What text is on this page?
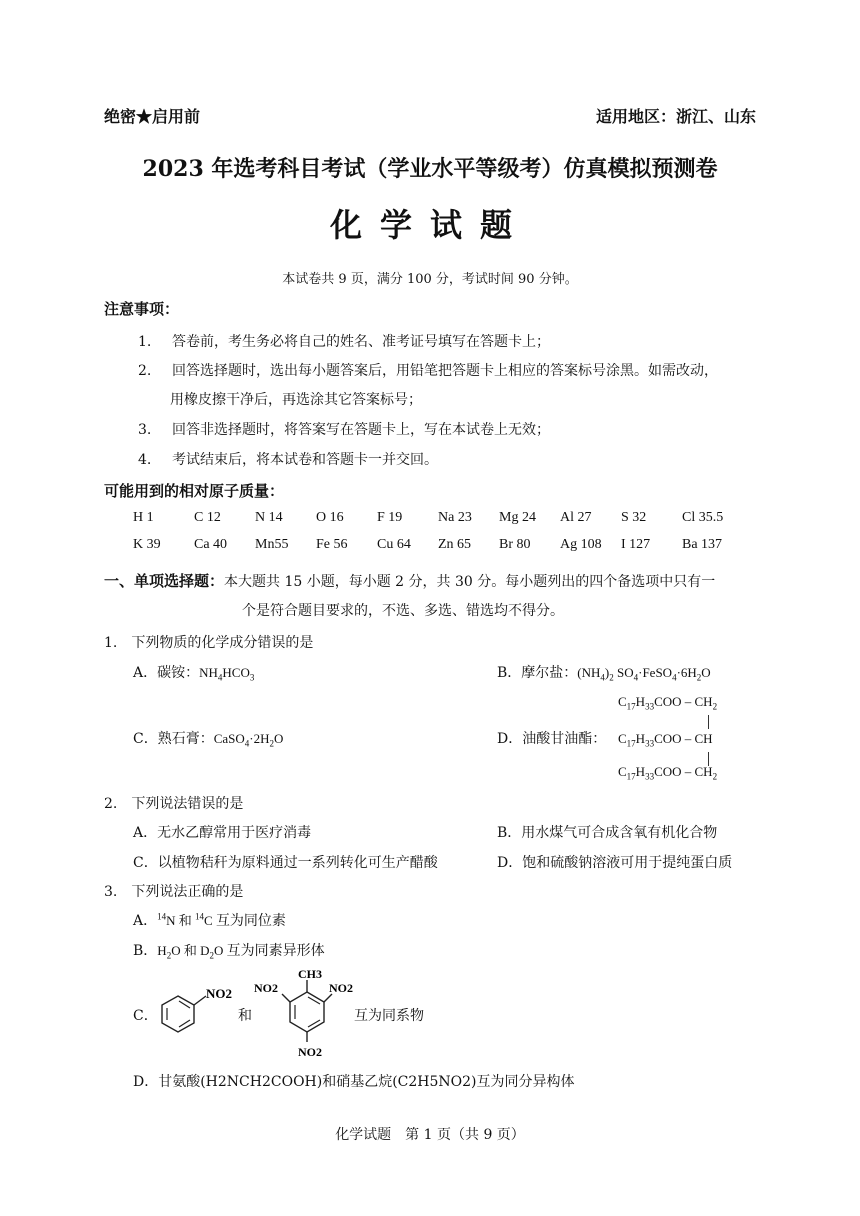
绝密★启用前	适用地区：浙江、山东
2023 年选考科目考试（学业水平等级考）仿真模拟预测卷
化学试题
本试卷共 9 页，满分 100 分，考试时间 90 分钟。
注意事项：
1.　 答卷前，考生务必将自己的姓名、准考证号填写在答题卡上；
2.　 回答选择题时，选出每小题答案后，用铅笔把答题卡上相应的答案标号涂黑。如需改动，
用橡皮擦干净后，再选涂其它答案标号；
3.　 回答非选择题时，将答案写在答题卡上，写在本试卷上无效；
4.　 考试结束后，将本试卷和答题卡一并交回。
可能用到的相对原子质量：
H 1	C 12	N 14	O 16	F 19	Na 23	Mg 24	Al 27	S 32	Cl 35.5
K 39	Ca 40	Mn55	Fe 56	Cu 64	Zn 65	Br 80	Ag 108	I 127	Ba 137
一、单项选择题：本大题共 15 小题，每小题 2 分，共 30 分。每小题列出的四个备选项中只有一
个是符合题目要求的，不选、多选、错选均不得分。
1.　下列物质的化学成分错误的是
A．碳铵：$NH_4HCO_3$	B．摩尔盐：$(NH_4)_2$ $SO_4\cdot FeSO_4\cdot 6H_2O$
C．熟石膏：$CaSO_4\cdot 2H_2O$	D．油酸甘油酯：
$C_{17}H_{33}COO - CH_2$
$C_{17}H_{33}COO$ – CH
$C_{17}H_{33}COO - CH_2$
2.　下列说法错误的是
A．无水乙醇常用于医疗消毒	B．用水煤气可合成含氧有机化合物
C．以植物秸秆为原料通过一系列转化可生产醋酸	D．饱和硫酸钠溶液可用于提纯蛋白质
3.　下列说法正确的是
A．$^{14}$N 和 $^{14}$C 互为同位素
B．$H_2O$ 和 $D_2O$ 互为同素异形体
C．
NO2
和
CH3
NO2	NO2
NO2
互为同系物
D．甘氨酸(H2NCH2COOH)和硝基乙烷(C2H5NO2)互为同分异构体
化学试题　第 1 页（共 9 页）
